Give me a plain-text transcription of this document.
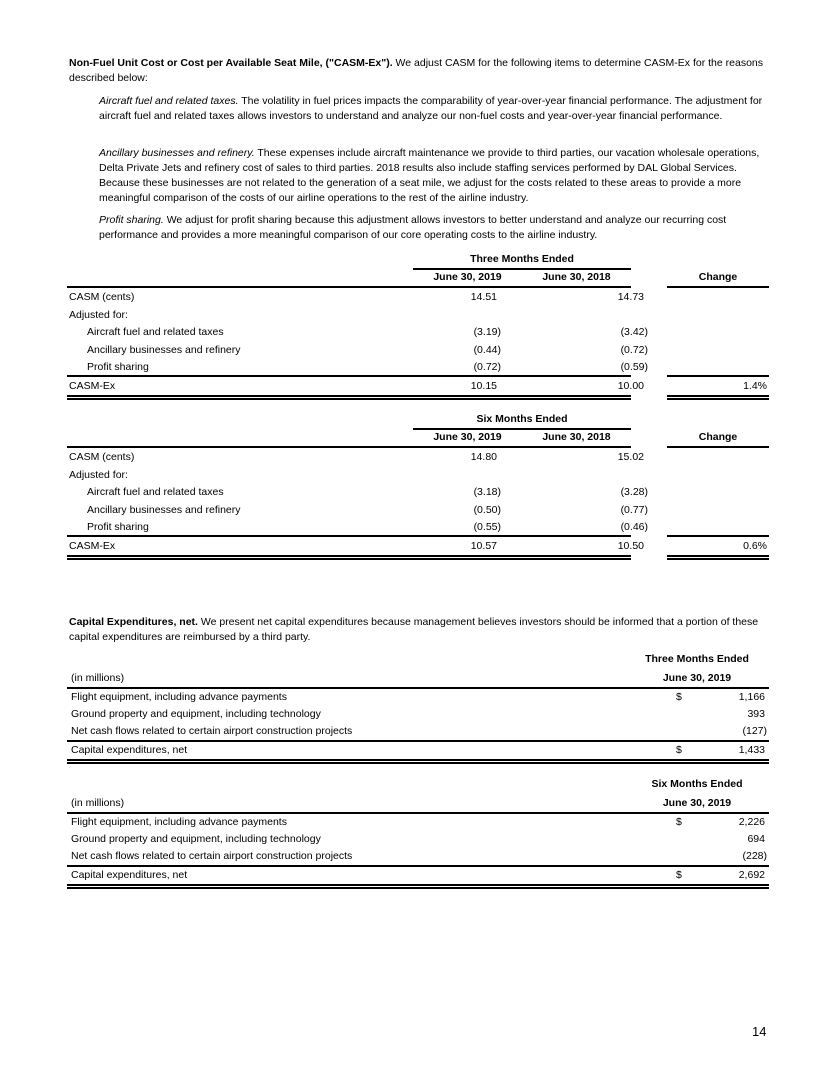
Non-Fuel Unit Cost or Cost per Available Seat Mile, ("CASM-Ex"). We adjust CASM for the following items to determine CASM-Ex for the reasons described below:
Aircraft fuel and related taxes. The volatility in fuel prices impacts the comparability of year-over-year financial performance. The adjustment for aircraft fuel and related taxes allows investors to understand and analyze our non-fuel costs and year-over-year financial performance.
Ancillary businesses and refinery. These expenses include aircraft maintenance we provide to third parties, our vacation wholesale operations, Delta Private Jets and refinery cost of sales to third parties. 2018 results also include staffing services performed by DAL Global Services. Because these businesses are not related to the generation of a seat mile, we adjust for the costs related to these areas to provide a more meaningful comparison of the costs of our airline operations to the rest of the airline industry.
Profit sharing. We adjust for profit sharing because this adjustment allows investors to better understand and analyze our recurring cost performance and provides a more meaningful comparison of our core operating costs to the airline industry.
Three Months Ended
June 30, 2019	June 30, 2018	Change
CASM (cents)	14.51	14.73
Adjusted for:
Aircraft fuel and related taxes	(3.19)	(3.42)
Ancillary businesses and refinery	(0.44)	(0.72)
Profit sharing	(0.72)	(0.59)
CASM-Ex	10.15	10.00	1.4%
Six Months Ended
June 30, 2019	June 30, 2018	Change
CASM (cents)	14.80	15.02
Adjusted for:
Aircraft fuel and related taxes	(3.18)	(3.28)
Ancillary businesses and refinery	(0.50)	(0.77)
Profit sharing	(0.55)	(0.46)
CASM-Ex	10.57	10.50	0.6%
Capital Expenditures, net. We present net capital expenditures because management believes investors should be informed that a portion of these capital expenditures are reimbursed by a third party.
Three Months Ended
(in millions)	June 30, 2019
Flight equipment, including advance payments	$	1,166
Ground property and equipment, including technology	393
Net cash flows related to certain airport construction projects	(127)
Capital expenditures, net	$	1,433
Six Months Ended
(in millions)	June 30, 2019
Flight equipment, including advance payments	$	2,226
Ground property and equipment, including technology	694
Net cash flows related to certain airport construction projects	(228)
Capital expenditures, net	$	2,692
14
